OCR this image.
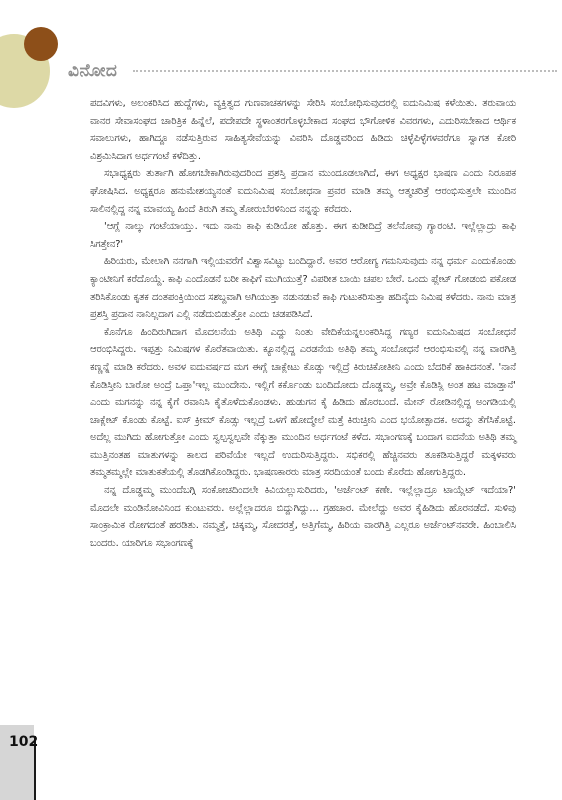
ವಿನೋದ

ಪದವಿಗಳು, ಅಲಂಕರಿಸಿದ ಹುದ್ದೆಗಳು, ವ್ಯಕ್ತಿತ್ವದ ಗುಣವಾಚಕಗಳನ್ನು ಸೇರಿಸಿ ಸಂಬೋಧಿಸುವುದರಲ್ಲಿ ಐದುನಿಮಿಷ ಕಳೆಯಿತು. ತರುವಾಯ ವಾನರ ಸೇವಾಸಂಘದ ಚಾರಿತ್ರಿಕ ಹಿನ್ನೆಲೆ, ಪದೇಪದೇ ಸ್ಥಳಾಂತರಗೊಳ್ಳಬೇಕಾದ ಸಂಘದ ಭೌಗೋಳಿಕ ವಿವರಗಳು, ಎದುರಿಸಬೇಕಾದ ಆರ್ಥಿಕ ಸವಾಲುಗಳು, ಹಾಗಿದ್ದೂ ನಡೆಸುತ್ತಿರುವ ಸಾಹಿತ್ಯಸೇವೆಯನ್ನು ವಿವರಿಸಿ ದೊಡ್ಡವರಿಂದ ಹಿಡಿದು ಚಿಳ್ಳೆಪಿಳ್ಳೆಗಳವರೆಗೂ ಸ್ವಾಗತ ಕೋರಿ ವಿಶ್ರಮಿಸಿದಾಗ ಅರ್ಧಗಂಟೆ ಕಳೆದಿತ್ತು.

ಸಭಾಧ್ಯಕ್ಷರು ತುರ್ತಾಗಿ ಹೋಗಬೇಕಾಗಿರುವುದರಿಂದ ಪ್ರಶಸ್ತಿ ಪ್ರದಾನ ಮುಂದೂಡಲಾಗಿದೆ, ಈಗ ಅಧ್ಯಕ್ಷರ ಭಾಷಣ ಎಂದು ನಿರೂಪಕ ಘೋಷಿಸಿದ. ಅಧ್ಯಕ್ಷರೂ ಹನುಮೇಶಯ್ಯನಂತೆ ಐದುನಿಮಿಷ ಸಂಬೋಧನಾ ಪ್ರವರ ಮಾಡಿ ತಮ್ಮ ಆತ್ಮಚರಿತ್ರೆ ಆರಂಭಿಸುತ್ತಲೇ ಮುಂದಿನ ಸಾಲಿನಲ್ಲಿದ್ದ ನನ್ನ ಮಾವಯ್ಯ ಹಿಂದೆ ತಿರುಗಿ ತಮ್ಮ ತೋರುಬೆರಳಿನಿಂದ ನನ್ನನ್ನು ಕರೆದರು.

'ಆಗ್ಲೆ ನಾಲ್ಕು ಗಂಟೆಯಾಯ್ತು. ಇದು ನಾನು ಕಾಫಿ ಕುಡಿಯೋ ಹೊತ್ತು. ಈಗ ಕುಡೀದಿದ್ರೆ ತಲೆನೋವು ಗ್ಯಾರಂಟಿ. ಇಲ್ಲೆಲ್ಲಾದ್ರು ಕಾಫಿ ಸಿಗತ್ತೇನ?'

ಹಿರಿಯರು, ಮೇಲಾಗಿ ನನಗಾಗಿ ಇಲ್ಲಿಯವರೆಗೆ ವಿಶ್ವಾಸವಿಟ್ಟು ಬಂದಿದ್ದಾರೆ. ಅವರ ಆರೋಗ್ಯ ಗಮನಿಸುವುದು ನನ್ನ ಧರ್ಮ ಎಂದುಕೊಂಡು ಕ್ಯಾಂಟೀನಿಗೆ ಕರೆದೊಯ್ದೆ. ಕಾಫಿ ಎಂದೊಡನೆ ಬರೀ ಕಾಫಿಗೆ ಮುಗಿಯುತ್ತೆ? ವಿಪರೀತ ಬಾಯಿ ಚಪಲ ಬೇರೆ. ಒಂದು ಪ್ಲೇಟ್ ಗೋಡಂಬಿ ಪಕೋಡ ತರಿಸಿಕೊಂಡು ಕೃತಕ ದಂತಪಂಕ್ತಿಯಿಂದ ಸಶಬ್ದವಾಗಿ ಅಗಿಯುತ್ತಾ ನಡುನಡುವೆ ಕಾಫಿ ಗುಟುಕರಿಸುತ್ತಾ ಹದಿನೈದು ನಿಮಿಷ ಕಳೆದರು. ನಾನು ಮಾತ್ರ ಪ್ರಶಸ್ತಿ ಪ್ರದಾನ ನಾನಿಲ್ಲದಾಗ ಎಲ್ಲಿ ನಡೆದುಬಿಡುತ್ತೋ ಎಂದು ಚಡಪಡಿಸಿದೆ.

ಕೊನೆಗೂ ಹಿಂದಿರುಗಿದಾಗ ಮೊದಲನೆಯ ಅತಿಥಿ ಎದ್ದು ನಿಂತು ವೇದಿಕೆಯನ್ನಲಂಕರಿಸಿದ್ದ ಗಣ್ಯರ ಐದುನಿಮಿಷದ ಸಂಬೋಧನೆ ಆರಂಭಿಸಿದ್ದರು. ಇಪ್ಪತ್ತು ನಿಮಿಷಗಳ ಕೊರೆತವಾಯಿತು. ಕ್ಯೂನಲ್ಲಿದ್ದ ಎರಡನೆಯ ಅತಿಥಿ ತಮ್ಮ ಸಂಬೋಧನೆ ಆರಂಭಿಸುವಲ್ಲಿ ನನ್ನ ವಾರಗಿತ್ತಿ ಕಣ್ಣನ್ನೆ ಮಾಡಿ ಕರೆದರು. ಅವಳ ಐದುವರ್ಷದ ಮಗ ಈಗ್ಲೆ ಚಾಕ್ಲೇಟು ಕೊಡ್ಸು ಇಲ್ಲಿದ್ರೆ ಕಿರುಚಿಕೋತೀನಿ ಎಂದು ಬೆದರಿಕೆ ಹಾಕಿದನಂತೆ. 'ನಾನೆ ಕೊಡಿಸ್ತೀನಿ ಬಾರೋ ಅಂದ್ರೆ ಒಪ್ತಾ'ಇಲ್ಲ ಮುಂದೇನು. ಇಲ್ಲಿಗೆ ಕರ್ಕೊಂಡು ಬಂದಿದೋದು ದೊಡ್ಡಮ್ಮ, ಅವ್ರೇ ಕೊಡಿಸ್ಲಿ ಅಂತ ಹಟ ಮಾಡ್ತಾನೆ' ಎಂದು ಮಗನನ್ನು ನನ್ನ ಕೈಗೆ ರವಾನಿಸಿ ಕೈತೊಳೆದುಕೊಂಡಳು. ಹುಡುಗನ ಕೈ ಹಿಡಿದು ಹೊರಬಂದೆ. ಮೇನ್ ರೋಡಿನಲ್ಲಿದ್ದ ಅಂಗಡಿಯಲ್ಲಿ ಚಾಕ್ಲೇಟ್ ಕೊಂಡು ಕೊಟ್ಟೆ. ಐಸ್ ಕ್ರೀಮ್ ಕೊಡ್ಸು ಇಲ್ಲದ್ರೆ ಒಳಗೆ ಹೋದ್ಮೇಲೆ ಮತ್ತೆ ಕಿರುಚ್ತೀನಿ ಎಂದ ಭಯೋತ್ಪಾದಕ. ಅದನ್ನು ತೆಗೆಸಿಕೊಟ್ಟೆ. ಅದೆಲ್ಲ ಮುಗಿದು ಹೋಗುತ್ತೋ ಎಂದು ಸ್ವಲ್ಪಸ್ವಲ್ಪವೇ ನೆಕ್ಕುತ್ತಾ ಮುಂದಿನ ಅರ್ಧಗಂಟೆ ಕಳೆದ. ಸಭಾಂಗಣಕ್ಕೆ ಬಂದಾಗ ಐದನೆಯ ಅತಿಥಿ ತಮ್ಮ ಮುತ್ತಿನಂತಹ ಮಾತುಗಳನ್ನು ಕಾಲದ ಪರಿವೆಯೇ ಇಲ್ಲದೆ ಉದುರಿಸುತ್ತಿದ್ದರು. ಸಭಿಕರಲ್ಲಿ ಹೆಚ್ಚಿನವರು ತೂಕಡಿಸುತ್ತಿದ್ದರೆ ಮಕ್ಕಳವರು ತಮ್ಮತಮ್ಮಲ್ಲೇ ಮಾತುಕತೆಯಲ್ಲಿ ತೊಡಗಿಕೊಂಡಿದ್ದರು. ಭಾಷಣಕಾರರು ಮಾತ್ರ ಸರದಿಯಂತೆ ಬಂದು ಕೊರೆದು ಹೋಗುತ್ತಿದ್ದರು.

ನನ್ನ ದೊಡ್ಡಮ್ಮ ಮುಂದೆಬಗ್ಗಿ ಸಂಕೋಚದಿಂದಲೇ ಕಿವಿಯಲ್ಲುಸುರಿದರು, 'ಅರ್ಜೆಂಟ್ ಕಣೇ. ಇಲ್ಲೆಲ್ಲಾದ್ರೂ ಟಾಯ್ಲೆಟ್ ಇದೆಯಾ?' ಮೊದಲೇ ಮಂಡಿನೋವಿನಿಂದ ಕುಂಟುವರು. ಅಲ್ಲೆಲ್ಲಾದರೂ ಬಿದ್ದುಗಿದ್ದು... ಗ್ರಹಚಾರ. ಮೇಲೆದ್ದು ಅವರ ಕೈಹಿಡಿದು ಹೊರನಡೆದೆ. ಸುಳಿವು ಸಾಂಕ್ರಾಮಿಕ ರೋಗದಂತೆ ಹರಡಿತು. ನಮ್ಮತ್ತೆ, ಚಿಕ್ಕಮ್ಮ, ಸೋದರತ್ತೆ, ಅತ್ತಿಗೆಮ್ಮ, ಹಿರಿಯ ವಾರಗಿತ್ತಿ ಎಲ್ಲರೂ ಅರ್ಜೆಂಟ್‌ನವರೇ. ಹಿಂಬಾಲಿಸಿ ಬಂದರು. ಯಾರಿಗೂ ಸಭಾಂಗಣಕ್ಕೆ

102
